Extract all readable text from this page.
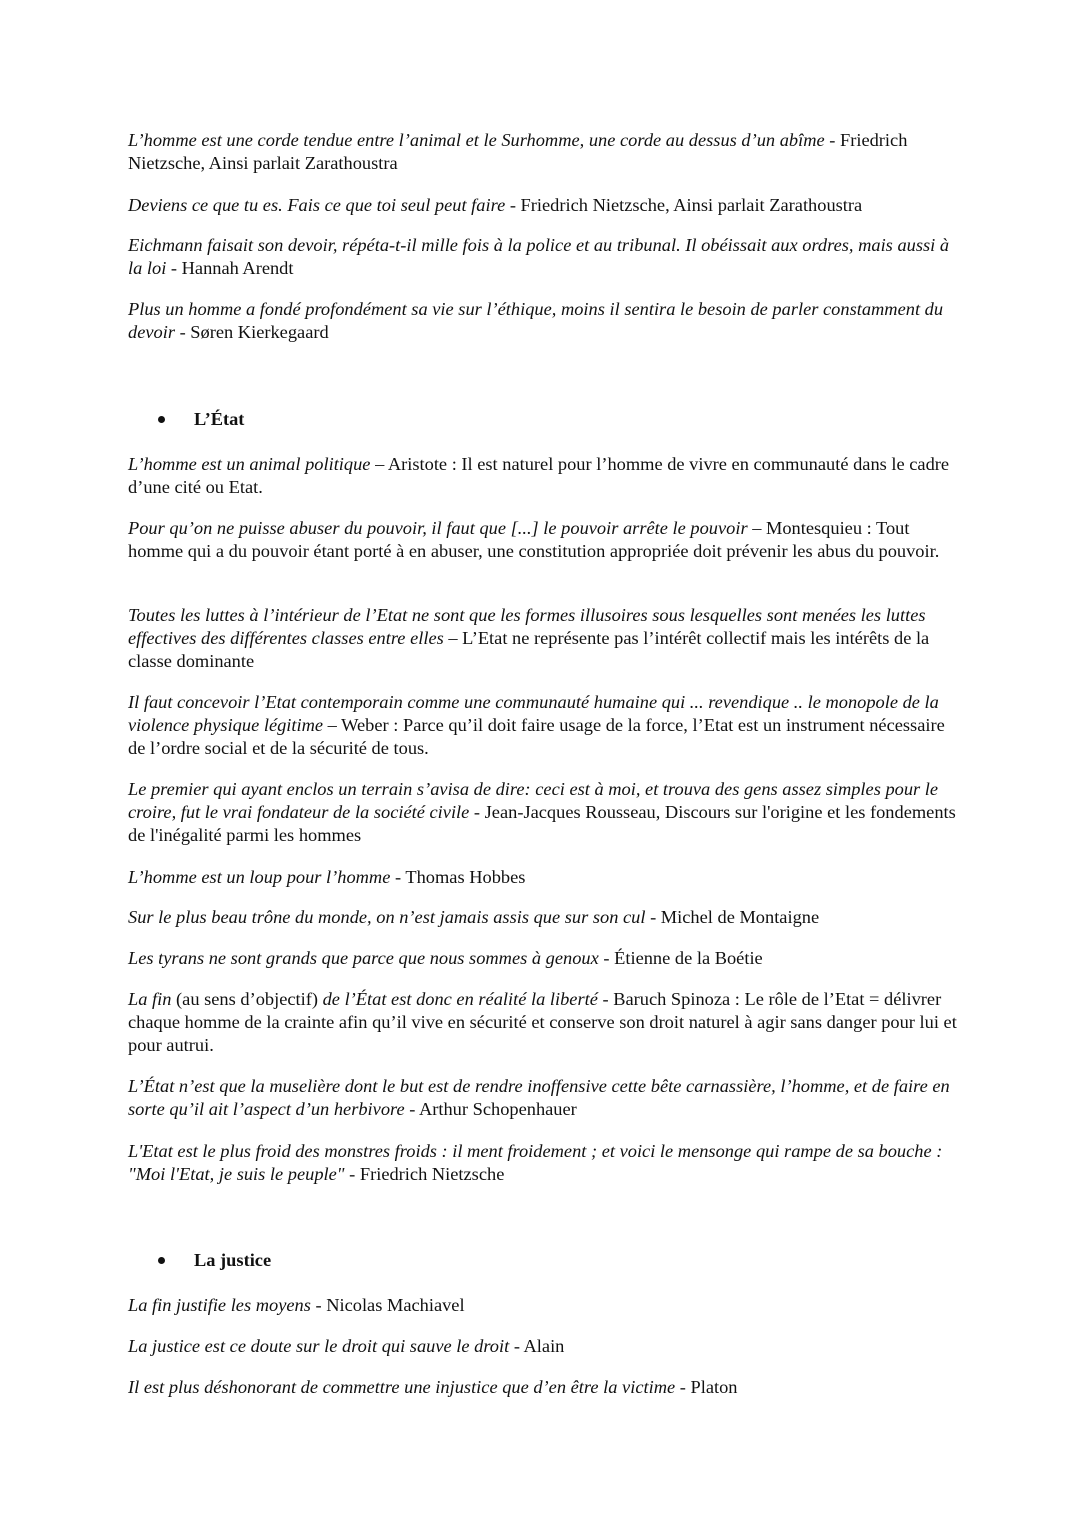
L’homme est une corde tendue entre l’animal et le Surhomme, une corde au dessus d’un abîme - Friedrich Nietzsche, Ainsi parlait Zarathoustra

Deviens ce que tu es. Fais ce que toi seul peut faire - Friedrich Nietzsche, Ainsi parlait Zarathoustra

Eichmann faisait son devoir, répéta-t-il mille fois à la police et au tribunal. Il obéissait aux ordres, mais aussi à la loi - Hannah Arendt

Plus un homme a fondé profondément sa vie sur l’éthique, moins il sentira le besoin de parler constamment du devoir - Søren Kierkegaard

L’État

L’homme est un animal politique – Aristote : Il est naturel pour l’homme de vivre en communauté dans le cadre d’une cité ou Etat.

Pour qu’on ne puisse abuser du pouvoir, il faut que [...] le pouvoir arrête le pouvoir – Montesquieu : Tout homme qui a du pouvoir étant porté à en abuser, une constitution appropriée doit prévenir les abus du pouvoir.

Toutes les luttes à l’intérieur de l’Etat ne sont que les formes illusoires sous lesquelles sont menées les luttes effectives des différentes classes entre elles – L’Etat ne représente pas l’intérêt collectif mais les intérêts de la classe dominante

Il faut concevoir l’Etat contemporain comme une communauté humaine qui ... revendique .. le monopole de la violence physique légitime – Weber : Parce qu’il doit faire usage de la force, l’Etat est un instrument nécessaire de l’ordre social et de la sécurité de tous.

Le premier qui ayant enclos un terrain s’avisa de dire: ceci est à moi, et trouva des gens assez simples pour le croire, fut le vrai fondateur de la société civile - Jean-Jacques Rousseau, Discours sur l'origine et les fondements de l'inégalité parmi les hommes

L’homme est un loup pour l’homme - Thomas Hobbes

Sur le plus beau trône du monde, on n’est jamais assis que sur son cul - Michel de Montaigne

Les tyrans ne sont grands que parce que nous sommes à genoux - Étienne de la Boétie

La fin (au sens d’objectif) de l’État est donc en réalité la liberté - Baruch Spinoza : Le rôle de l’Etat = délivrer chaque homme de la crainte afin qu’il vive en sécurité et conserve son droit naturel à agir sans danger pour lui et pour autrui.

L’État n’est que la muselière dont le but est de rendre inoffensive cette bête carnassière, l’homme, et de faire en sorte qu’il ait l’aspect d’un herbivore - Arthur Schopenhauer

L'Etat est le plus froid des monstres froids : il ment froidement ; et voici le mensonge qui rampe de sa bouche : "Moi l'Etat, je suis le peuple" - Friedrich Nietzsche

La justice

La fin justifie les moyens - Nicolas Machiavel

La justice est ce doute sur le droit qui sauve le droit - Alain

Il est plus déshonorant de commettre une injustice que d’en être la victime - Platon
